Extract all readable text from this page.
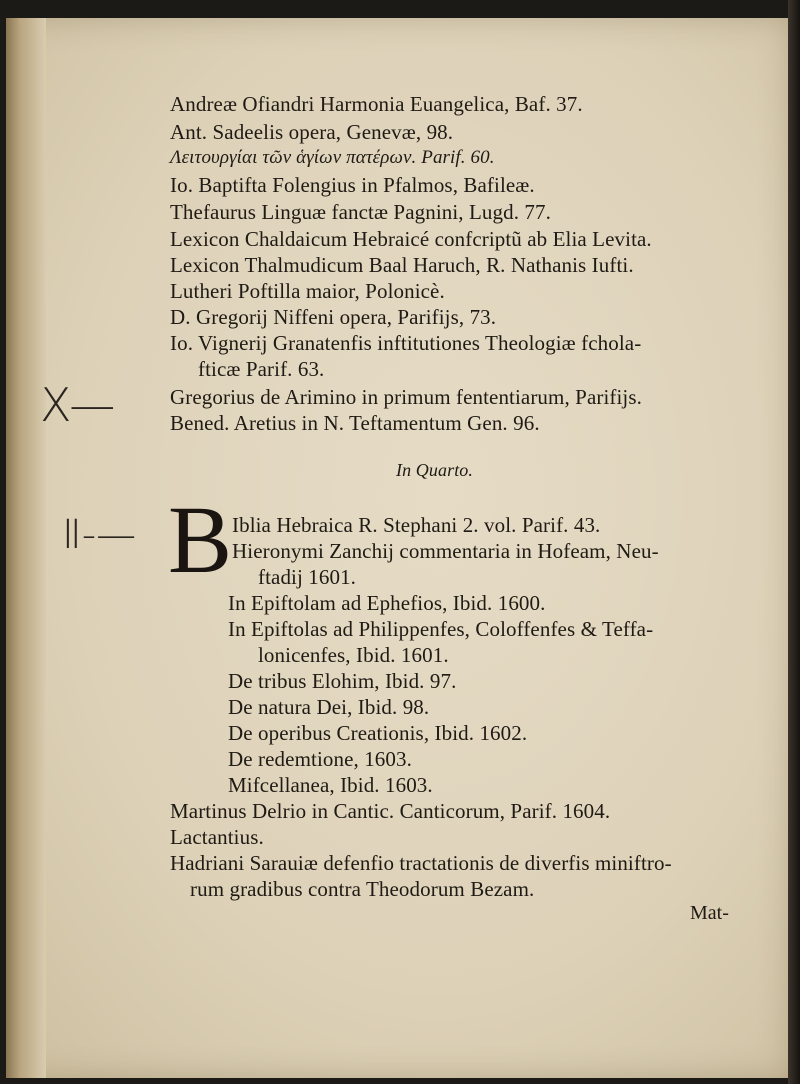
X—
Ⅱ-—
Andreæ Ofiandri Harmonia Euangelica, Baf. 37.
Ant. Sadeelis opera, Genevæ, 98.
Λειτουργίαι τῶν ἁγίων πατέρων. Parif. 60.
Io. Baptifta Folengius in Pfalmos, Bafileæ.
Thefaurus Linguæ fanctæ Pagnini, Lugd. 77.
Lexicon Chaldaicum Hebraicé confcriptũ ab Elia Levita.
Lexicon Thalmudicum Baal Haruch, R. Nathanis Iufti.
Lutheri Poftilla maior, Polonicè.
D. Gregorij Niffeni opera, Parifijs, 73.
Io. Vignerij Granatenfis inftitutiones Theologiæ fchola-
fticæ Parif. 63.
Gregorius de Arimino in primum fententiarum, Parifijs.
Bened. Aretius in N. Teftamentum Gen. 96.
In Quarto.
B Iblia Hebraica R. Stephani 2. vol. Parif. 43.
Hieronymi Zanchij commentaria in Hofeam, Neu-
ftadij 1601.
In Epiftolam ad Ephefios, Ibid. 1600.
In Epiftolas ad Philippenfes, Coloffenfes & Teffa-
lonicenfes, Ibid. 1601.
De tribus Elohim, Ibid. 97.
De natura Dei, Ibid. 98.
De operibus Creationis, Ibid. 1602.
De redemtione, 1603.
Mifcellanea, Ibid. 1603.
Martinus Delrio in Cantic. Canticorum, Parif. 1604.
Lactantius.
Hadriani Sarauiæ defenfio tractationis de diverfis miniftro-
rum gradibus contra Theodorum Bezam.
Mat-
